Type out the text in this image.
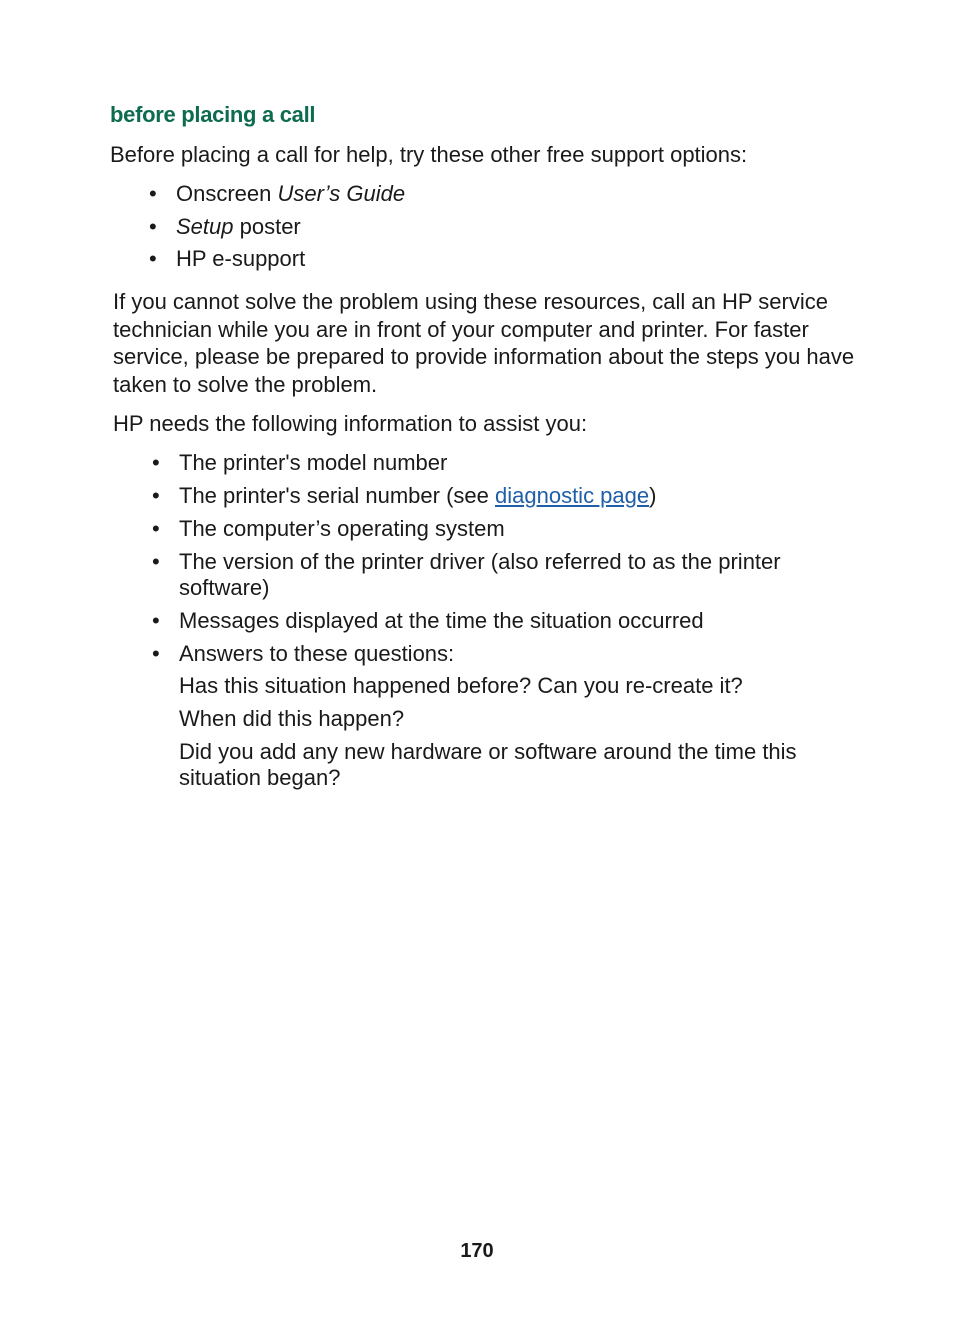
before placing a call

Before placing a call for help, try these other free support options:

• Onscreen User’s Guide
• Setup poster
• HP e-support

If you cannot solve the problem using these resources, call an HP service technician while you are in front of your computer and printer. For faster service, please be prepared to provide information about the steps you have taken to solve the problem.

HP needs the following information to assist you:

• The printer's model number
• The printer's serial number (see diagnostic page)
• The computer’s operating system
• The version of the printer driver (also referred to as the printer software)
• Messages displayed at the time the situation occurred
• Answers to these questions:
Has this situation happened before? Can you re-create it?
When did this happen?
Did you add any new hardware or software around the time this situation began?
170
